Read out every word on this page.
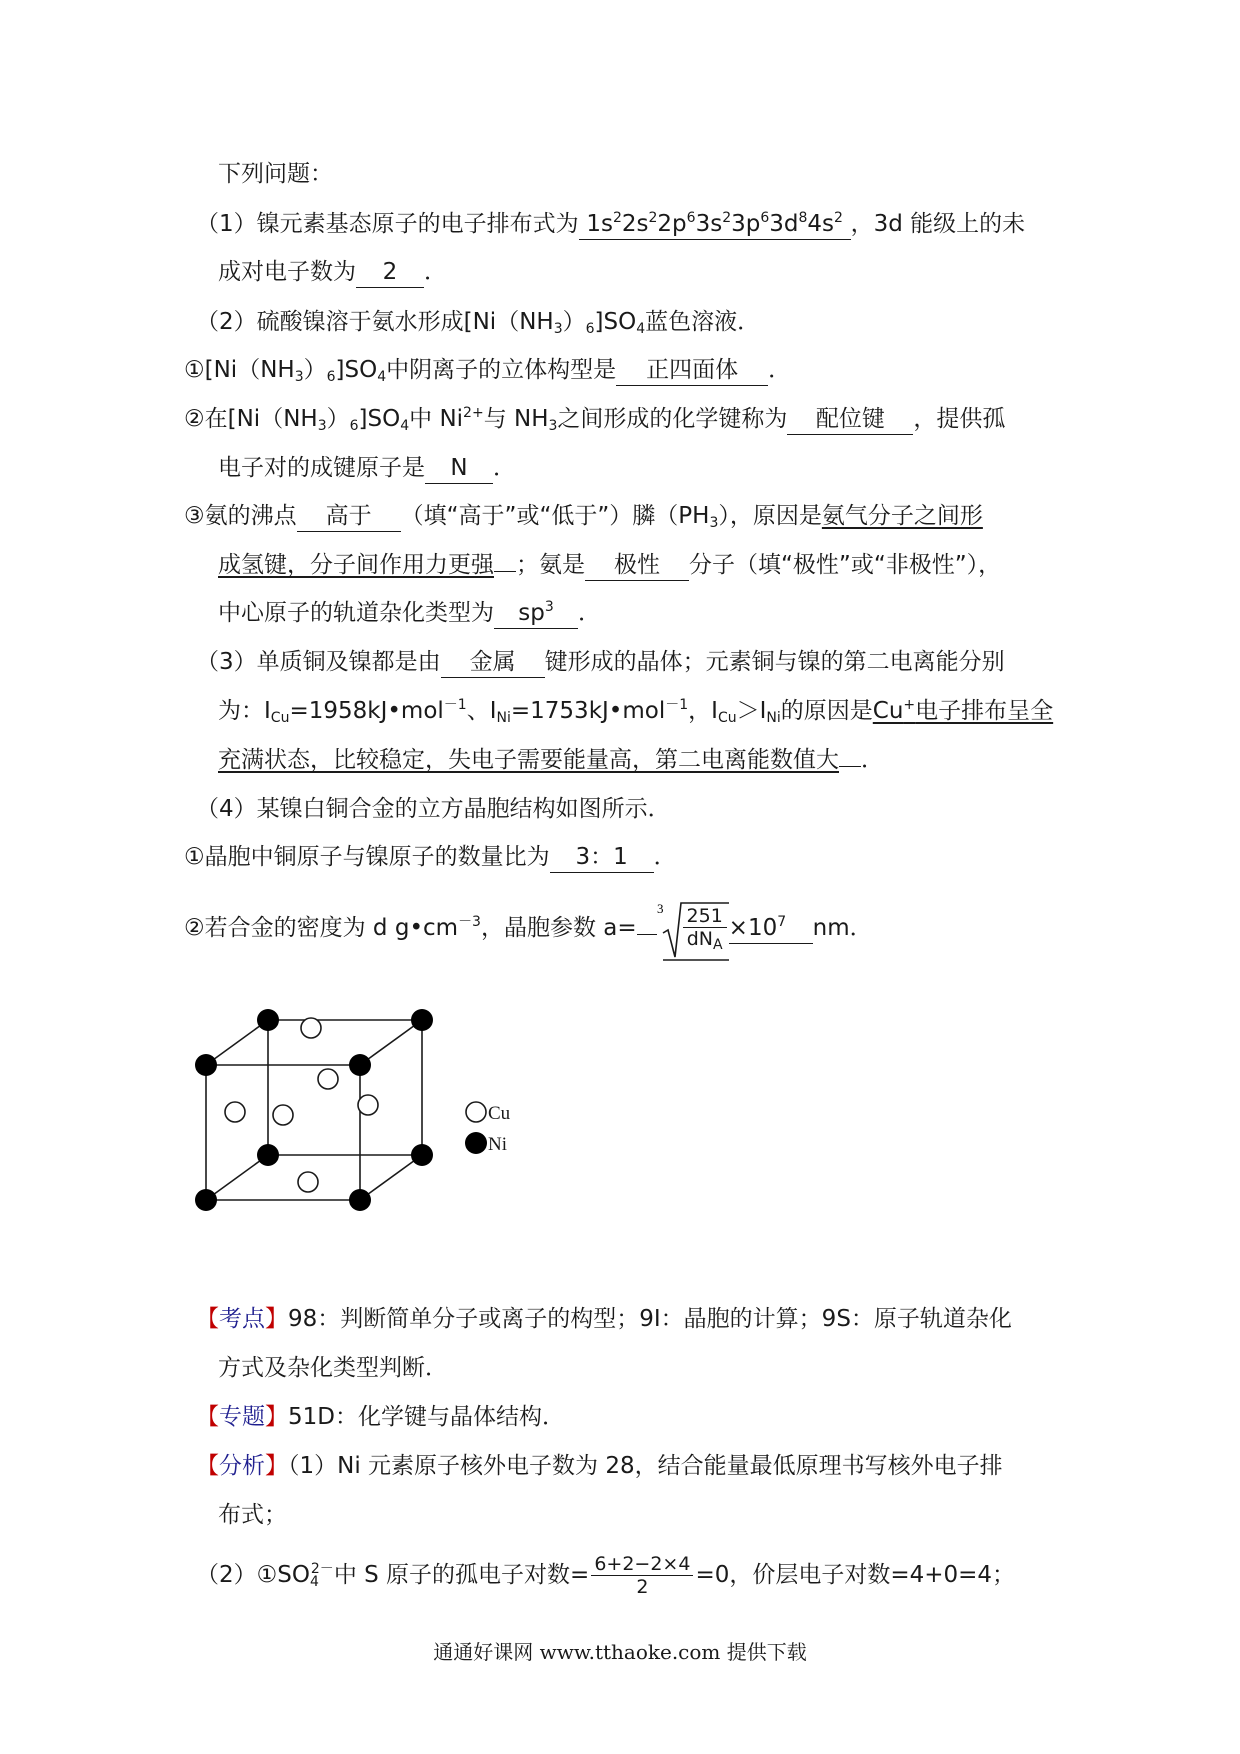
下列问题：
（1）镍元素基态原子的电子排布式为 $1s^22s^22p^63s^23p^63d^84s^2$ ，3d 能级上的未
成对电子数为 2 ．
（2）硫酸镍溶于氨水形成$[Ni(NH_3)_6]SO_4$蓝色溶液．
$①[Ni(NH_3)_6]SO_4$中阴离子的立体构型是 正四面体 ．
②在$[Ni(NH_3)_6]SO_4$中 $Ni^{2+}$与 $NH_3$之间形成的化学键称为 配位键 ，提供孤
电子对的成键原子是 N ．
③氨的沸点 高于 （填“高于”或“低于”）膦$(PH_3)$，原因是氨气分子之间形
成氢键，分子间作用力更强 ；氨是 极性 分子（填“极性”或“非极性”），
中心原子的轨道杂化类型为 $sp^3$ ．
（3）单质铜及镍都是由 金属 键形成的晶体；元素铜与镍的第二电离能分别
为：$I_{Cu}=1958kJ•mol^{-1}$、$I_{Ni}=1753kJ•mol^{-1}$，$I_{Cu}>I_{Ni}$的原因是Cu+电子排布呈全
充满状态，比较稳定，失电子需要能量高，第二电离能数值大 ．
（4）某镍白铜合金的立方晶胞结构如图所示．
①晶胞中铜原子与镍原子的数量比为 3：1 ．
②若合金的密度为 d $g•cm^{-3}$，晶胞参数 a=
3 251
$dN_A$
$\times 10^7$ nm．
Cu
Ni
【考点】98：判断简单分子或离子的构型；9I：晶胞的计算；9S：原子轨道杂化
方式及杂化类型判断．
【专题】51D：化学键与晶体结构．
【分析】（1）Ni 元素原子核外电子数为 28，结合能量最低原理书写核外电子排
布式；
$(2)①SO_4^{2-}$中 S 原子的孤电子对数= $\frac{6+2-2\times 4}{2} =0$，价层电子对数=4+0=4；
通通好课网 www.tthaoke.com 提供下载
